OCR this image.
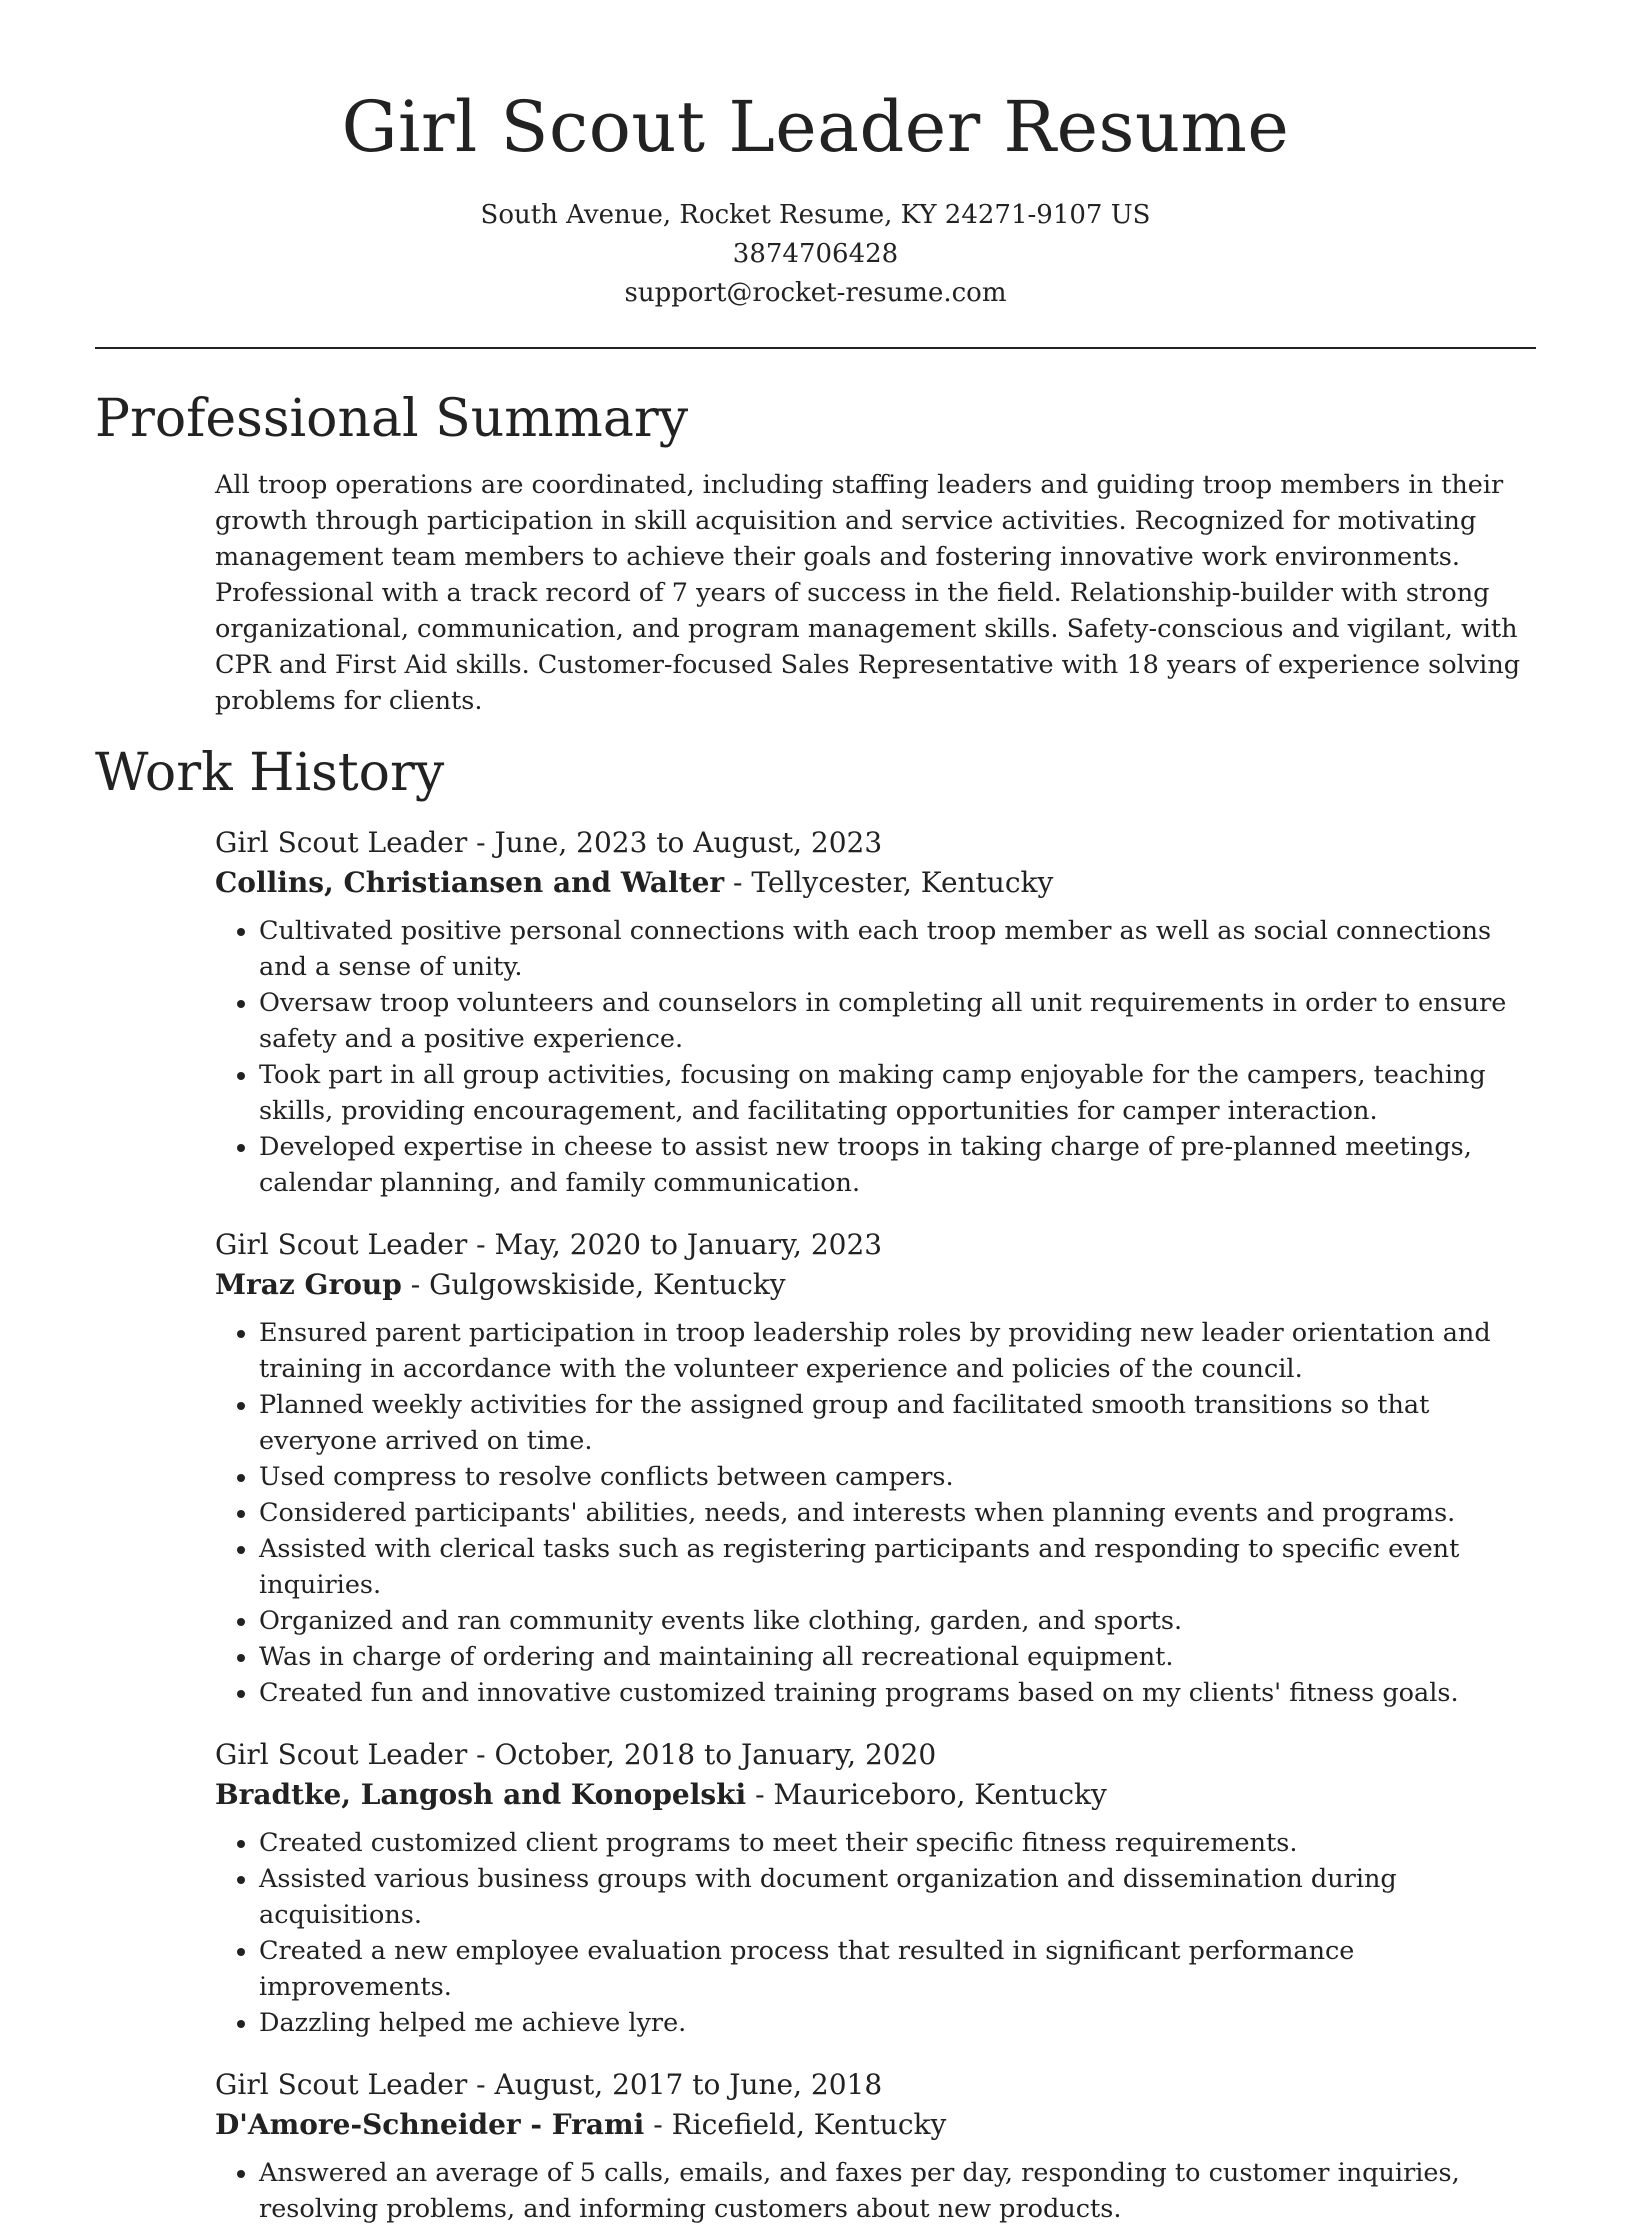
Girl Scout Leader Resume
South Avenue, Rocket Resume, KY 24271-9107 US
3874706428
support@rocket-resume.com
Professional Summary

All troop operations are coordinated, including staffing leaders and guiding troop members in their growth through participation in skill acquisition and service activities. Recognized for motivating management team members to achieve their goals and fostering innovative work environments. Professional with a track record of 7 years of success in the field. Relationship-builder with strong organizational, communication, and program management skills. Safety-conscious and vigilant, with CPR and First Aid skills. Customer-focused Sales Representative with 18 years of experience solving problems for clients.

Work History
Girl Scout Leader - June, 2023 to August, 2023
Collins, Christiansen and Walter - Tellycester, Kentucky
• Cultivated positive personal connections with each troop member as well as social connections and a sense of unity.
• Oversaw troop volunteers and counselors in completing all unit requirements in order to ensure safety and a positive experience.
• Took part in all group activities, focusing on making camp enjoyable for the campers, teaching skills, providing encouragement, and facilitating opportunities for camper interaction.
• Developed expertise in cheese to assist new troops in taking charge of pre-planned meetings, calendar planning, and family communication.
Girl Scout Leader - May, 2020 to January, 2023
Mraz Group - Gulgowskiside, Kentucky
• Ensured parent participation in troop leadership roles by providing new leader orientation and training in accordance with the volunteer experience and policies of the council.
• Planned weekly activities for the assigned group and facilitated smooth transitions so that everyone arrived on time.
• Used compress to resolve conflicts between campers.
• Considered participants' abilities, needs, and interests when planning events and programs.
• Assisted with clerical tasks such as registering participants and responding to specific event inquiries.
• Organized and ran community events like clothing, garden, and sports.
• Was in charge of ordering and maintaining all recreational equipment.
• Created fun and innovative customized training programs based on my clients' fitness goals.
Girl Scout Leader - October, 2018 to January, 2020
Bradtke, Langosh and Konopelski - Mauriceboro, Kentucky
• Created customized client programs to meet their specific fitness requirements.
• Assisted various business groups with document organization and dissemination during acquisitions.
• Created a new employee evaluation process that resulted in significant performance improvements.
• Dazzling helped me achieve lyre.
Girl Scout Leader - August, 2017 to June, 2018
D'Amore-Schneider - Frami - Ricefield, Kentucky
• Answered an average of 5 calls, emails, and faxes per day, responding to customer inquiries, resolving problems, and informing customers about new products.
